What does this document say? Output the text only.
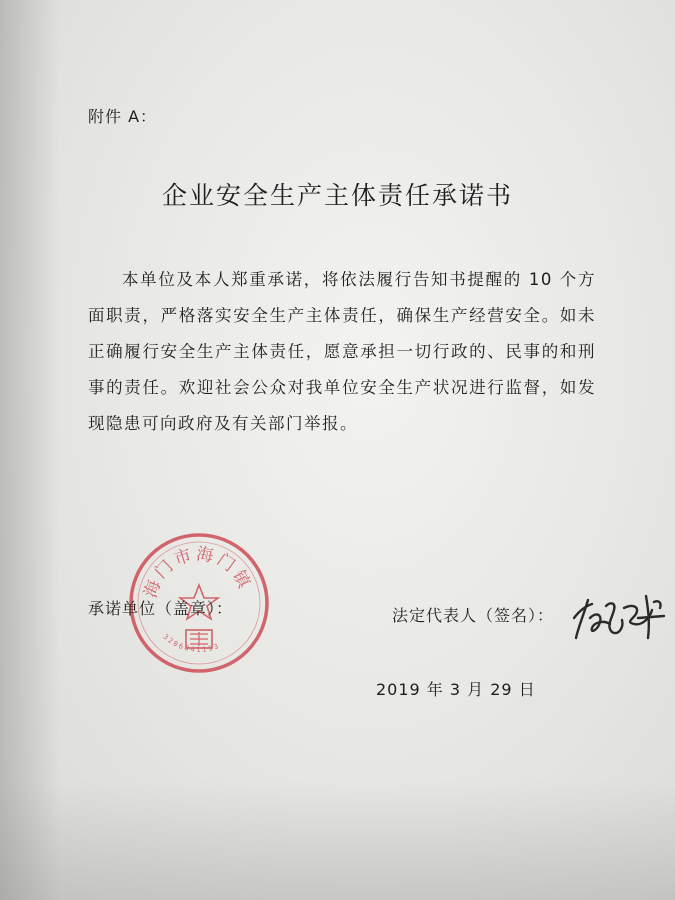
附件 A：
企业安全生产主体责任承诺书
本单位及本人郑重承诺，将依法履行告知书提醒的 10 个方面职责，严格落实安全生产主体责任，确保生产经营安全。如未正确履行安全生产主体责任，愿意承担一切行政的、民事的和刑事的责任。欢迎社会公众对我单位安全生产状况进行监督，如发现隐患可向政府及有关部门举报。
海门市海门镇
3206841113
承诺单位（盖章）：	法定代表人（签名）：
2019 年 3 月 29 日
